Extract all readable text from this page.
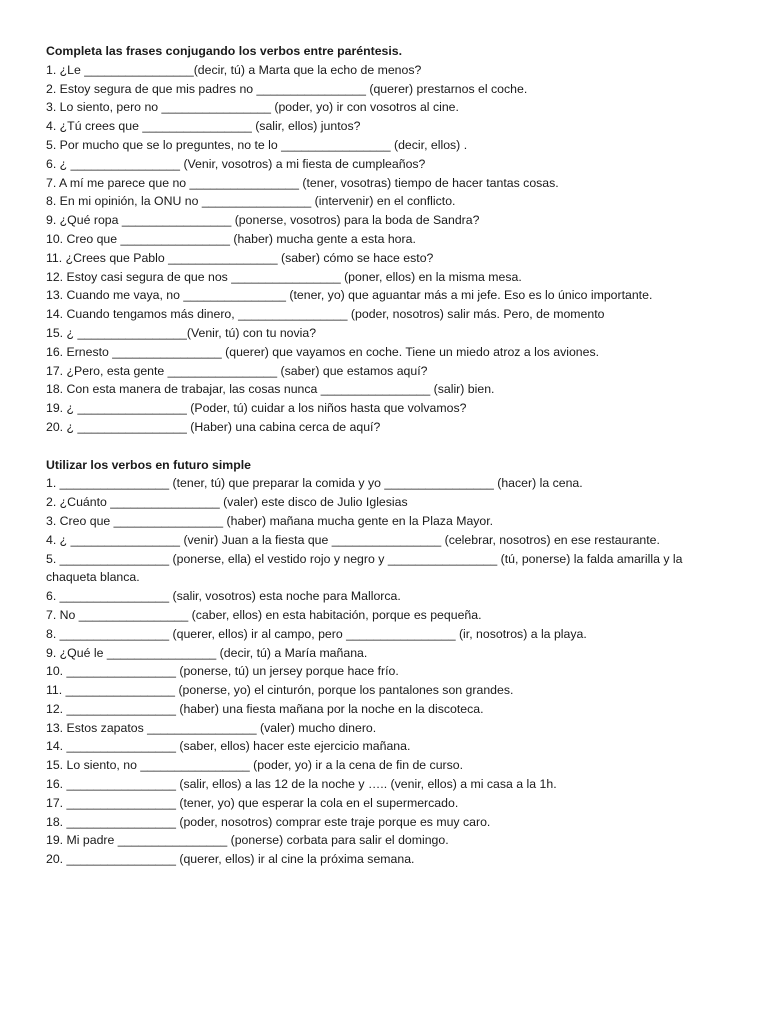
Completa las frases conjugando los verbos entre paréntesis.
1. ¿Le ________________(decir, tú) a Marta que la echo de menos?
2. Estoy segura de que mis padres no ________________ (querer) prestarnos el coche.
3. Lo siento, pero no ________________ (poder, yo) ir con vosotros al cine.
4. ¿Tú crees que ________________ (salir, ellos) juntos?
5. Por mucho que se lo preguntes, no te lo ________________ (decir, ellos) .
6. ¿ ________________ (Venir, vosotros) a mi fiesta de cumpleaños?
7. A mí me parece que no ________________ (tener, vosotras) tiempo de hacer tantas cosas.
8. En mi opinión, la ONU no ________________ (intervenir) en el conflicto.
9. ¿Qué ropa ________________ (ponerse, vosotros) para la boda de Sandra?
10. Creo que ________________ (haber) mucha gente a esta hora.
11. ¿Crees que Pablo ________________ (saber) cómo se hace esto?
12. Estoy casi segura de que nos ________________ (poner, ellos) en la misma mesa.
13. Cuando me vaya, no _______________ (tener, yo) que aguantar más a mi jefe. Eso es lo único importante.
14. Cuando tengamos más dinero, ________________ (poder, nosotros) salir más. Pero, de momento
15. ¿ ________________(Venir, tú) con tu novia?
16. Ernesto ________________ (querer) que vayamos en coche. Tiene un miedo atroz a los aviones.
17. ¿Pero, esta gente ________________ (saber) que estamos aquí?
18. Con esta manera de trabajar, las cosas nunca ________________ (salir) bien.
19. ¿ ________________ (Poder, tú) cuidar a los niños hasta que volvamos?
20. ¿ ________________ (Haber) una cabina cerca de aquí?
Utilizar los verbos en futuro simple
1. ________________ (tener, tú) que preparar la comida y yo ________________ (hacer) la cena.
2. ¿Cuánto ________________ (valer) este disco de Julio Iglesias
3. Creo que ________________ (haber) mañana mucha gente en la Plaza Mayor.
4. ¿ ________________ (venir) Juan a la fiesta que ________________ (celebrar, nosotros) en ese restaurante.
5. ________________ (ponerse, ella) el vestido rojo y negro y ________________ (tú, ponerse) la falda amarilla y la chaqueta blanca.
6. ________________ (salir, vosotros) esta noche para Mallorca.
7. No ________________ (caber, ellos) en esta habitación, porque es pequeña.
8. ________________ (querer, ellos) ir al campo, pero ________________ (ir, nosotros) a la playa.
9. ¿Qué le ________________ (decir, tú) a María mañana.
10. ________________ (ponerse, tú) un jersey porque hace frío.
11. ________________ (ponerse, yo) el cinturón, porque los pantalones son grandes.
12. ________________ (haber) una fiesta mañana por la noche en la discoteca.
13. Estos zapatos ________________ (valer) mucho dinero.
14. ________________ (saber, ellos) hacer este ejercicio mañana.
15. Lo siento, no ________________ (poder, yo) ir a la cena de fin de curso.
16. ________________ (salir, ellos) a las 12 de la noche y ….. (venir, ellos) a mi casa a la 1h.
17. ________________ (tener, yo) que esperar la cola en el supermercado.
18. ________________ (poder, nosotros) comprar este traje porque es muy caro.
19. Mi padre ________________ (ponerse) corbata para salir el domingo.
20. ________________ (querer, ellos) ir al cine la próxima semana.
